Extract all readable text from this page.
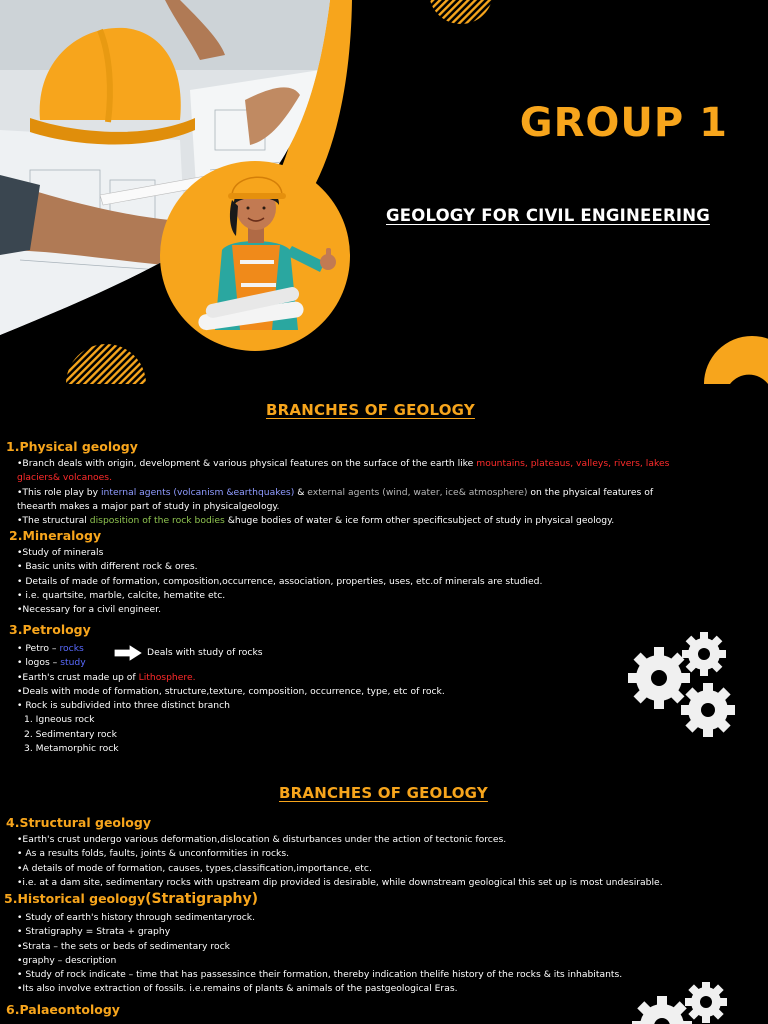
GROUP 1
GEOLOGY FOR CIVIL ENGINEERING
BRANCHES OF GEOLOGY
1.Physical geology
•Branch deals with origin, development & various physical features on the surface of the earth like mountains, plateaus, valleys, rivers, lakes
glaciers& volcanoes.
•This role play by internal agents (volcanism &earthquakes) & external agents (wind, water, ice& atmosphere) on the physical features of
theearth makes a major part of study in physicalgeology.
•The structural disposition of the rock bodies &huge bodies of water & ice form other specificsubject of study in physical geology.
2.Mineralogy
•Study of minerals
• Basic units with different rock & ores.
• Details of made of formation, composition,occurrence, association, properties, uses, etc.of minerals are studied.
• i.e. quartsite, marble, calcite, hematite etc.
•Necessary for a civil engineer.
3.Petrology
• Petro – rocks
• logos – study
•Earth's crust made up of Lithosphere.
•Deals with mode of formation, structure,texture, composition, occurrence, type, etc of rock.
• Rock is subdivided into three distinct branch
1. Igneous rock
2. Sedimentary rock
3. Metamorphic rock
Deals with study of rocks
BRANCHES OF GEOLOGY
4.Structural geology
•Earth's crust undergo various deformation,dislocation & disturbances under the action of tectonic forces.
• As a results folds, faults, joints & unconformities in rocks.
•A details of mode of formation, causes, types,classification,importance, etc.
•i.e. at a dam site, sedimentary rocks with upstream dip provided is desirable, while downstream geological this set up is most undesirable.
5.Historical geology(Stratigraphy)
• Study of earth's history through sedimentaryrock.
• Stratigraphy = Strata + graphy
•Strata – the sets or beds of sedimentary rock
•graphy – description
• Study of rock indicate – time that has passessince their formation, thereby indication thelife history of the rocks & its inhabitants.
•Its also involve extraction of fossils. i.e.remains of plants & animals of the pastgeological Eras.
6.Palaeontology
